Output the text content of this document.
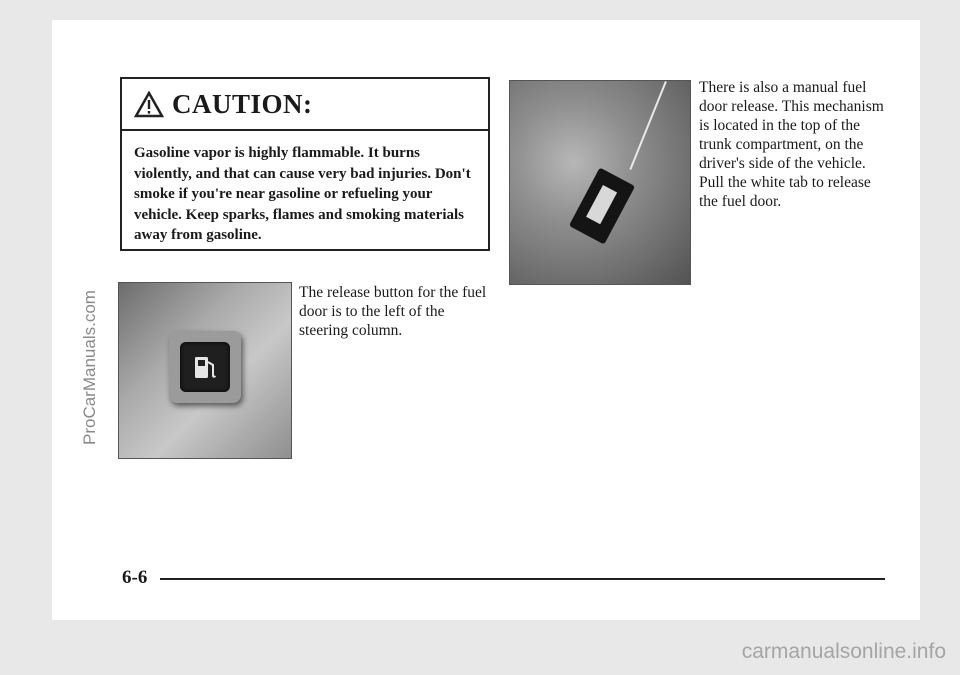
ProCarManuals.com
carmanualsonline.info
CAUTION:
Gasoline vapor is highly flammable. It burns violently, and that can cause very bad injuries. Don't smoke if you're near gasoline or refueling your vehicle. Keep sparks, flames and smoking materials away from gasoline.
The release button for the fuel door is to the left of the steering column.
There is also a manual fuel door release. This mechanism is located in the top of the trunk compartment, on the driver's side of the vehicle. Pull the white tab to release the fuel door.
6-6
